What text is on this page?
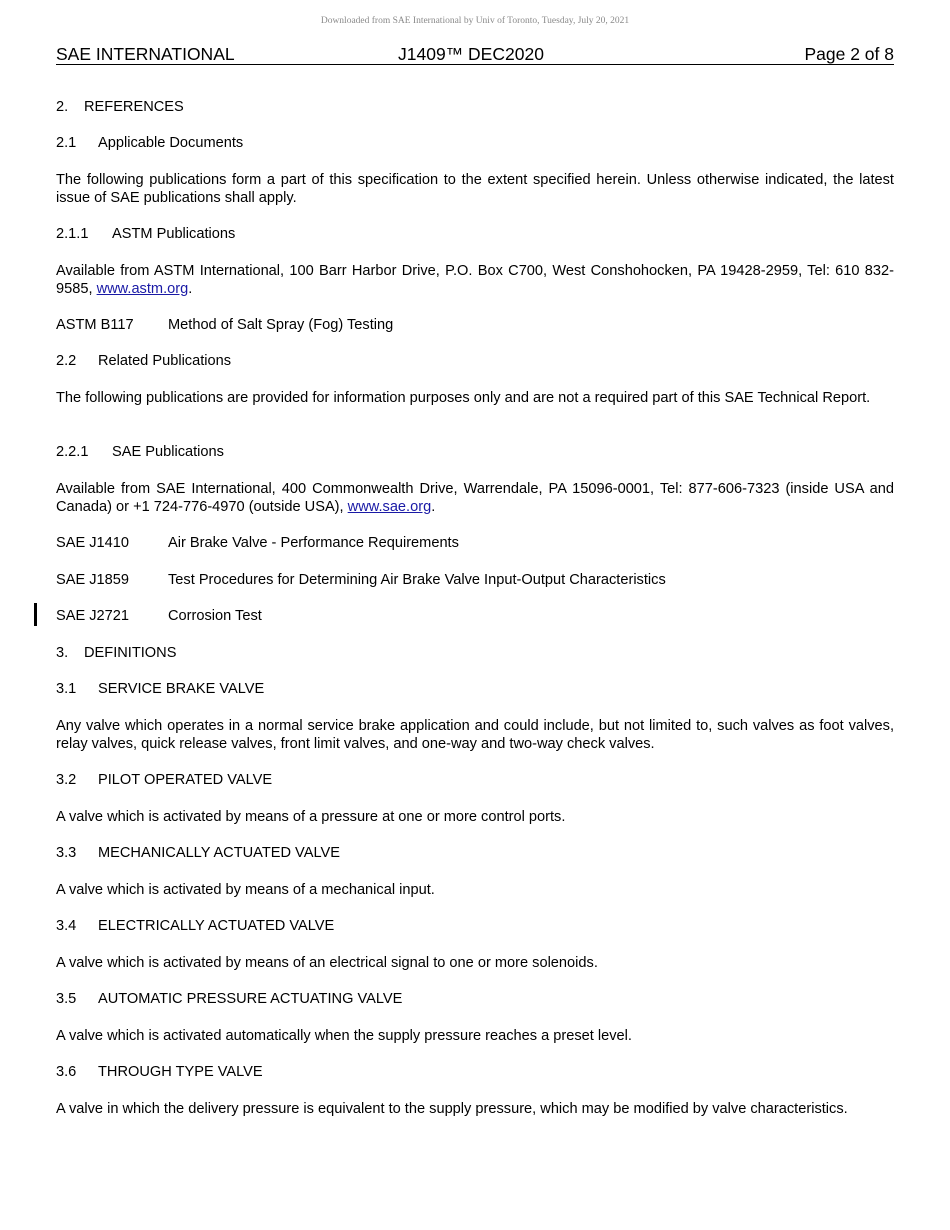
Downloaded from SAE International by Univ of Toronto, Tuesday, July 20, 2021
SAE INTERNATIONAL	J1409™ DEC2020	Page 2 of 8
2. REFERENCES
2.1 Applicable Documents
The following publications form a part of this specification to the extent specified herein. Unless otherwise indicated, the latest issue of SAE publications shall apply.
2.1.1 ASTM Publications
Available from ASTM International, 100 Barr Harbor Drive, P.O. Box C700, West Conshohocken, PA 19428-2959, Tel: 610 832-9585, www.astm.org.
ASTM B117 Method of Salt Spray (Fog) Testing
2.2 Related Publications
The following publications are provided for information purposes only and are not a required part of this SAE Technical Report.
2.2.1 SAE Publications
Available from SAE International, 400 Commonwealth Drive, Warrendale, PA 15096-0001, Tel: 877-606-7323 (inside USA and Canada) or +1 724-776-4970 (outside USA), www.sae.org.
SAE J1410	Air Brake Valve - Performance Requirements
SAE J1859	Test Procedures for Determining Air Brake Valve Input-Output Characteristics
SAE J2721	Corrosion Test
3. DEFINITIONS
3.1 SERVICE BRAKE VALVE
Any valve which operates in a normal service brake application and could include, but not limited to, such valves as foot valves, relay valves, quick release valves, front limit valves, and one-way and two-way check valves.
3.2 PILOT OPERATED VALVE
A valve which is activated by means of a pressure at one or more control ports.
3.3 MECHANICALLY ACTUATED VALVE
A valve which is activated by means of a mechanical input.
3.4 ELECTRICALLY ACTUATED VALVE
A valve which is activated by means of an electrical signal to one or more solenoids.
3.5 AUTOMATIC PRESSURE ACTUATING VALVE
A valve which is activated automatically when the supply pressure reaches a preset level.
3.6 THROUGH TYPE VALVE
A valve in which the delivery pressure is equivalent to the supply pressure, which may be modified by valve characteristics.
